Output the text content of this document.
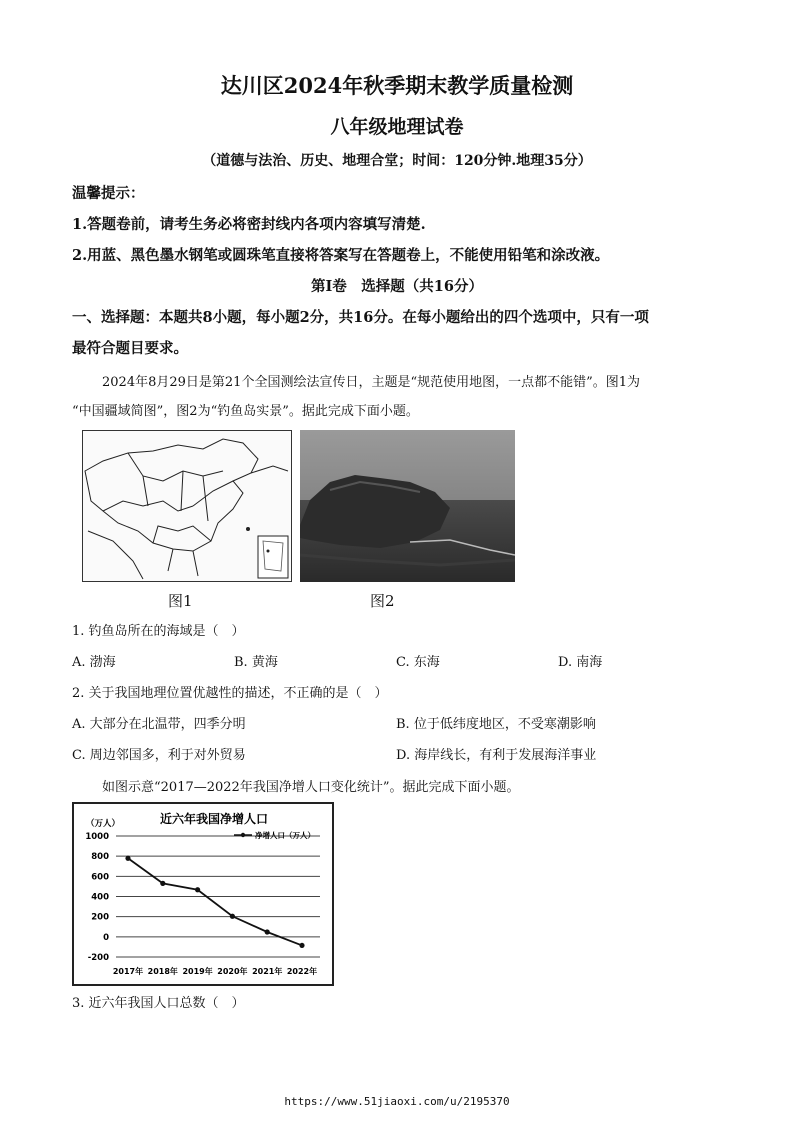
达川区2024年秋季期末教学质量检测
八年级地理试卷
（道德与法治、历史、地理合堂；时间：120分钟.地理35分）
温馨提示：
1.答题卷前，请考生务必将密封线内各项内容填写清楚.
2.用蓝、黑色墨水钢笔或圆珠笔直接将答案写在答题卷上，不能使用铅笔和涂改液。
第Ⅰ卷　选择题（共16分）
一、选择题：本题共8小题，每小题2分，共16分。在每小题给出的四个选项中，只有一项
最符合题目要求。
2024年8月29日是第21个全国测绘法宣传日，主题是“规范使用地图，一点都不能错”。图1为
“中国疆域简图”，图2为“钓鱼岛实景”。据此完成下面小题。
图1	图2
1. 钓鱼岛所在的海域是（　）
A. 渤海	B. 黄海	C. 东海	D. 南海
2. 关于我国地理位置优越性的描述，不正确的是（　）
A. 大部分在北温带，四季分明	B. 位于低纬度地区，不受寒潮影响
C. 周边邻国多，利于对外贸易	D. 海岸线长，有利于发展海洋事业
如图示意“2017—2022年我国净增人口变化统计”。据此完成下面小题。
近六年我国净增人口
（万人）
净增人口（万人）
1000
800
600
400
200
0
-200
2017年 2018年 2019年 2020年 2021年 2022年
3. 近六年我国人口总数（　）
https://www.51jiaoxi.com/u/2195370
